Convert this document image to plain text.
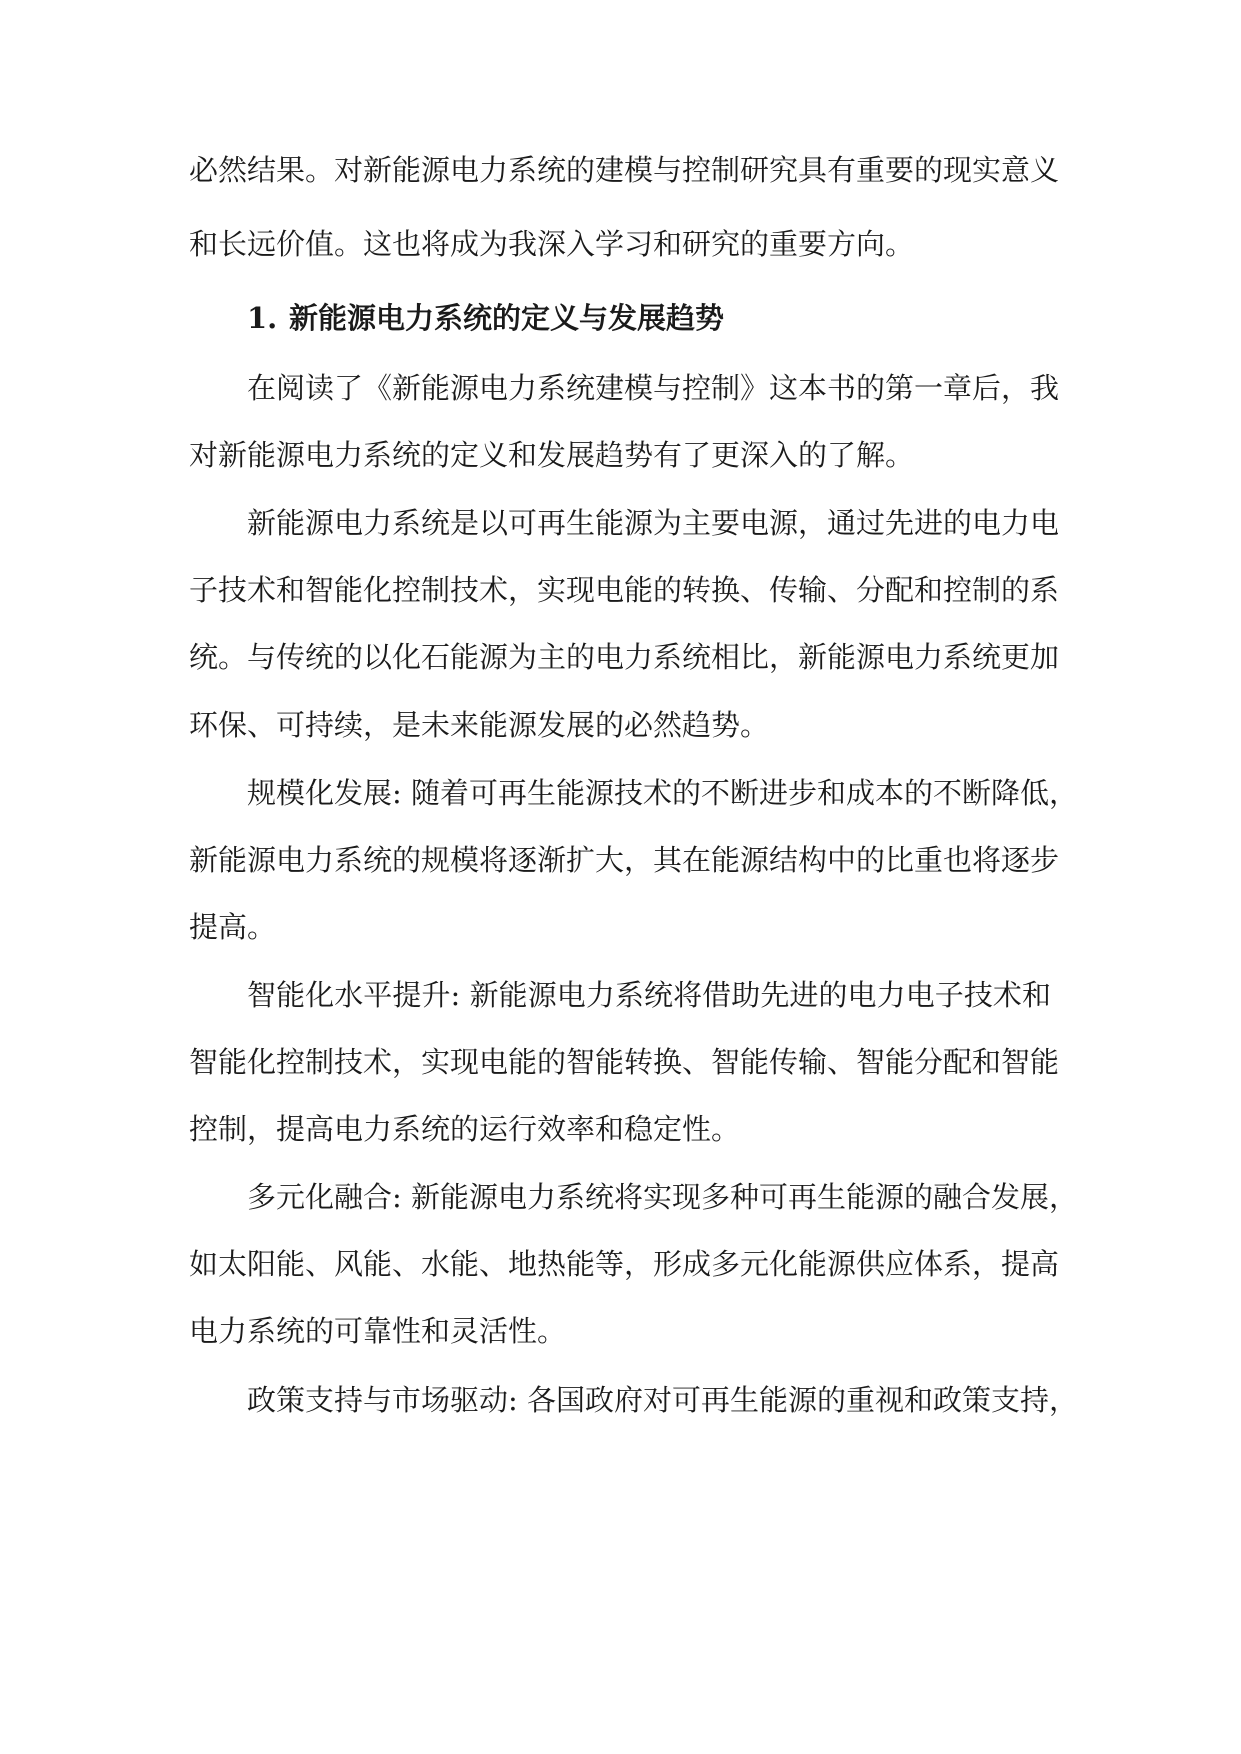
必然结果。对新能源电力系统的建模与控制研究具有重要的现实意义
和长远价值。这也将成为我深入学习和研究的重要方向。
1. 新能源电力系统的定义与发展趋势
在阅读了《新能源电力系统建模与控制》这本书的第一章后，我
对新能源电力系统的定义和发展趋势有了更深入的了解。
新能源电力系统是以可再生能源为主要电源，通过先进的电力电
子技术和智能化控制技术，实现电能的转换、传输、分配和控制的系
统。与传统的以化石能源为主的电力系统相比，新能源电力系统更加
环保、可持续，是未来能源发展的必然趋势。
规模化发展: 随着可再生能源技术的不断进步和成本的不断降低，
新能源电力系统的规模将逐渐扩大，其在能源结构中的比重也将逐步
提高。
智能化水平提升: 新能源电力系统将借助先进的电力电子技术和
智能化控制技术，实现电能的智能转换、智能传输、智能分配和智能
控制，提高电力系统的运行效率和稳定性。
多元化融合: 新能源电力系统将实现多种可再生能源的融合发展，
如太阳能、风能、水能、地热能等，形成多元化能源供应体系，提高
电力系统的可靠性和灵活性。
政策支持与市场驱动: 各国政府对可再生能源的重视和政策支持，
